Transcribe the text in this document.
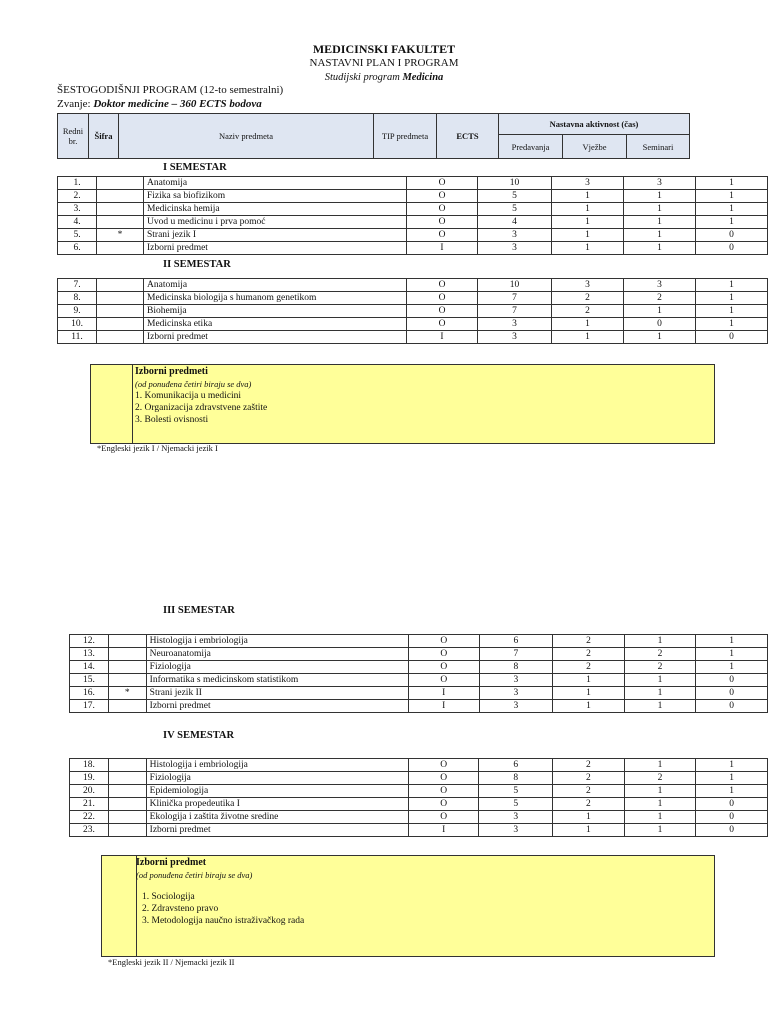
MEDICINSKI FAKULTET
NASTAVNI PLAN I PROGRAM
Studijski program Medicina
ŠESTOGODIŠNJI PROGRAM (12-to semestralni)
Zvanje: Doktor medicine – 360 ECTS bodova
Redni br.	Šifra	Naziv predmeta	TIP predmeta	ECTS	Nastavna aktivnost (čas)		
					Predavanja	Vježbe	Seminari
I SEMESTAR
1.		Anatomija	O	10	3	3	1
2.		Fizika sa biofizikom	O	5	1	1	1
3.		Medicinska hemija	O	5	1	1	1
4.		Uvod u medicinu i prva pomoć	O	4	1	1	1
5.	*	Strani jezik I	O	3	1	1	0
6.		Izborni predmet	I	3	1	1	0
II SEMESTAR
7.		Anatomija	O	10	3	3	1
8.		Medicinska biologija s humanom genetikom	O	7	2	2	1
9.		Biohemija	O	7	2	1	1
10.		Medicinska etika	O	3	1	0	1
11.		Izborni predmet	I	3	1	1	0
Izborni predmeti
(od ponuđena četiri biraju se dva)
1. Komunikacija u medicini
2. Organizacija zdravstvene zaštite
3. Bolesti ovisnosti
*Engleski jezik I / Njemacki jezik I
III SEMESTAR
12.		Histologija i embriologija	O	6	2	1	1
13.		Neuroanatomija	O	7	2	2	1
14.		Fiziologija	O	8	2	2	1
15.		Informatika s medicinskom statistikom	O	3	1	1	0
16.	*	Strani jezik II	I	3	1	1	0
17.		Izborni predmet	I	3	1	1	0
IV SEMESTAR
18.		Histologija i embriologija	O	6	2	1	1
19.		Fiziologija	O	8	2	2	1
20.		Epidemiologija	O	5	2	1	1
21.		Klinička propedeutika I	O	5	2	1	0
22.		Ekologija i zaštita životne sredine	O	3	1	1	0
23.		Izborni predmet	I	3	1	1	0
Izborni predmet
(od ponuđena četiri biraju se dva)
1. Sociologija
2. Zdravsteno pravo
3. Metodologija naučno istraživačkog rada
*Engleski jezik II / Njemacki jezik II
